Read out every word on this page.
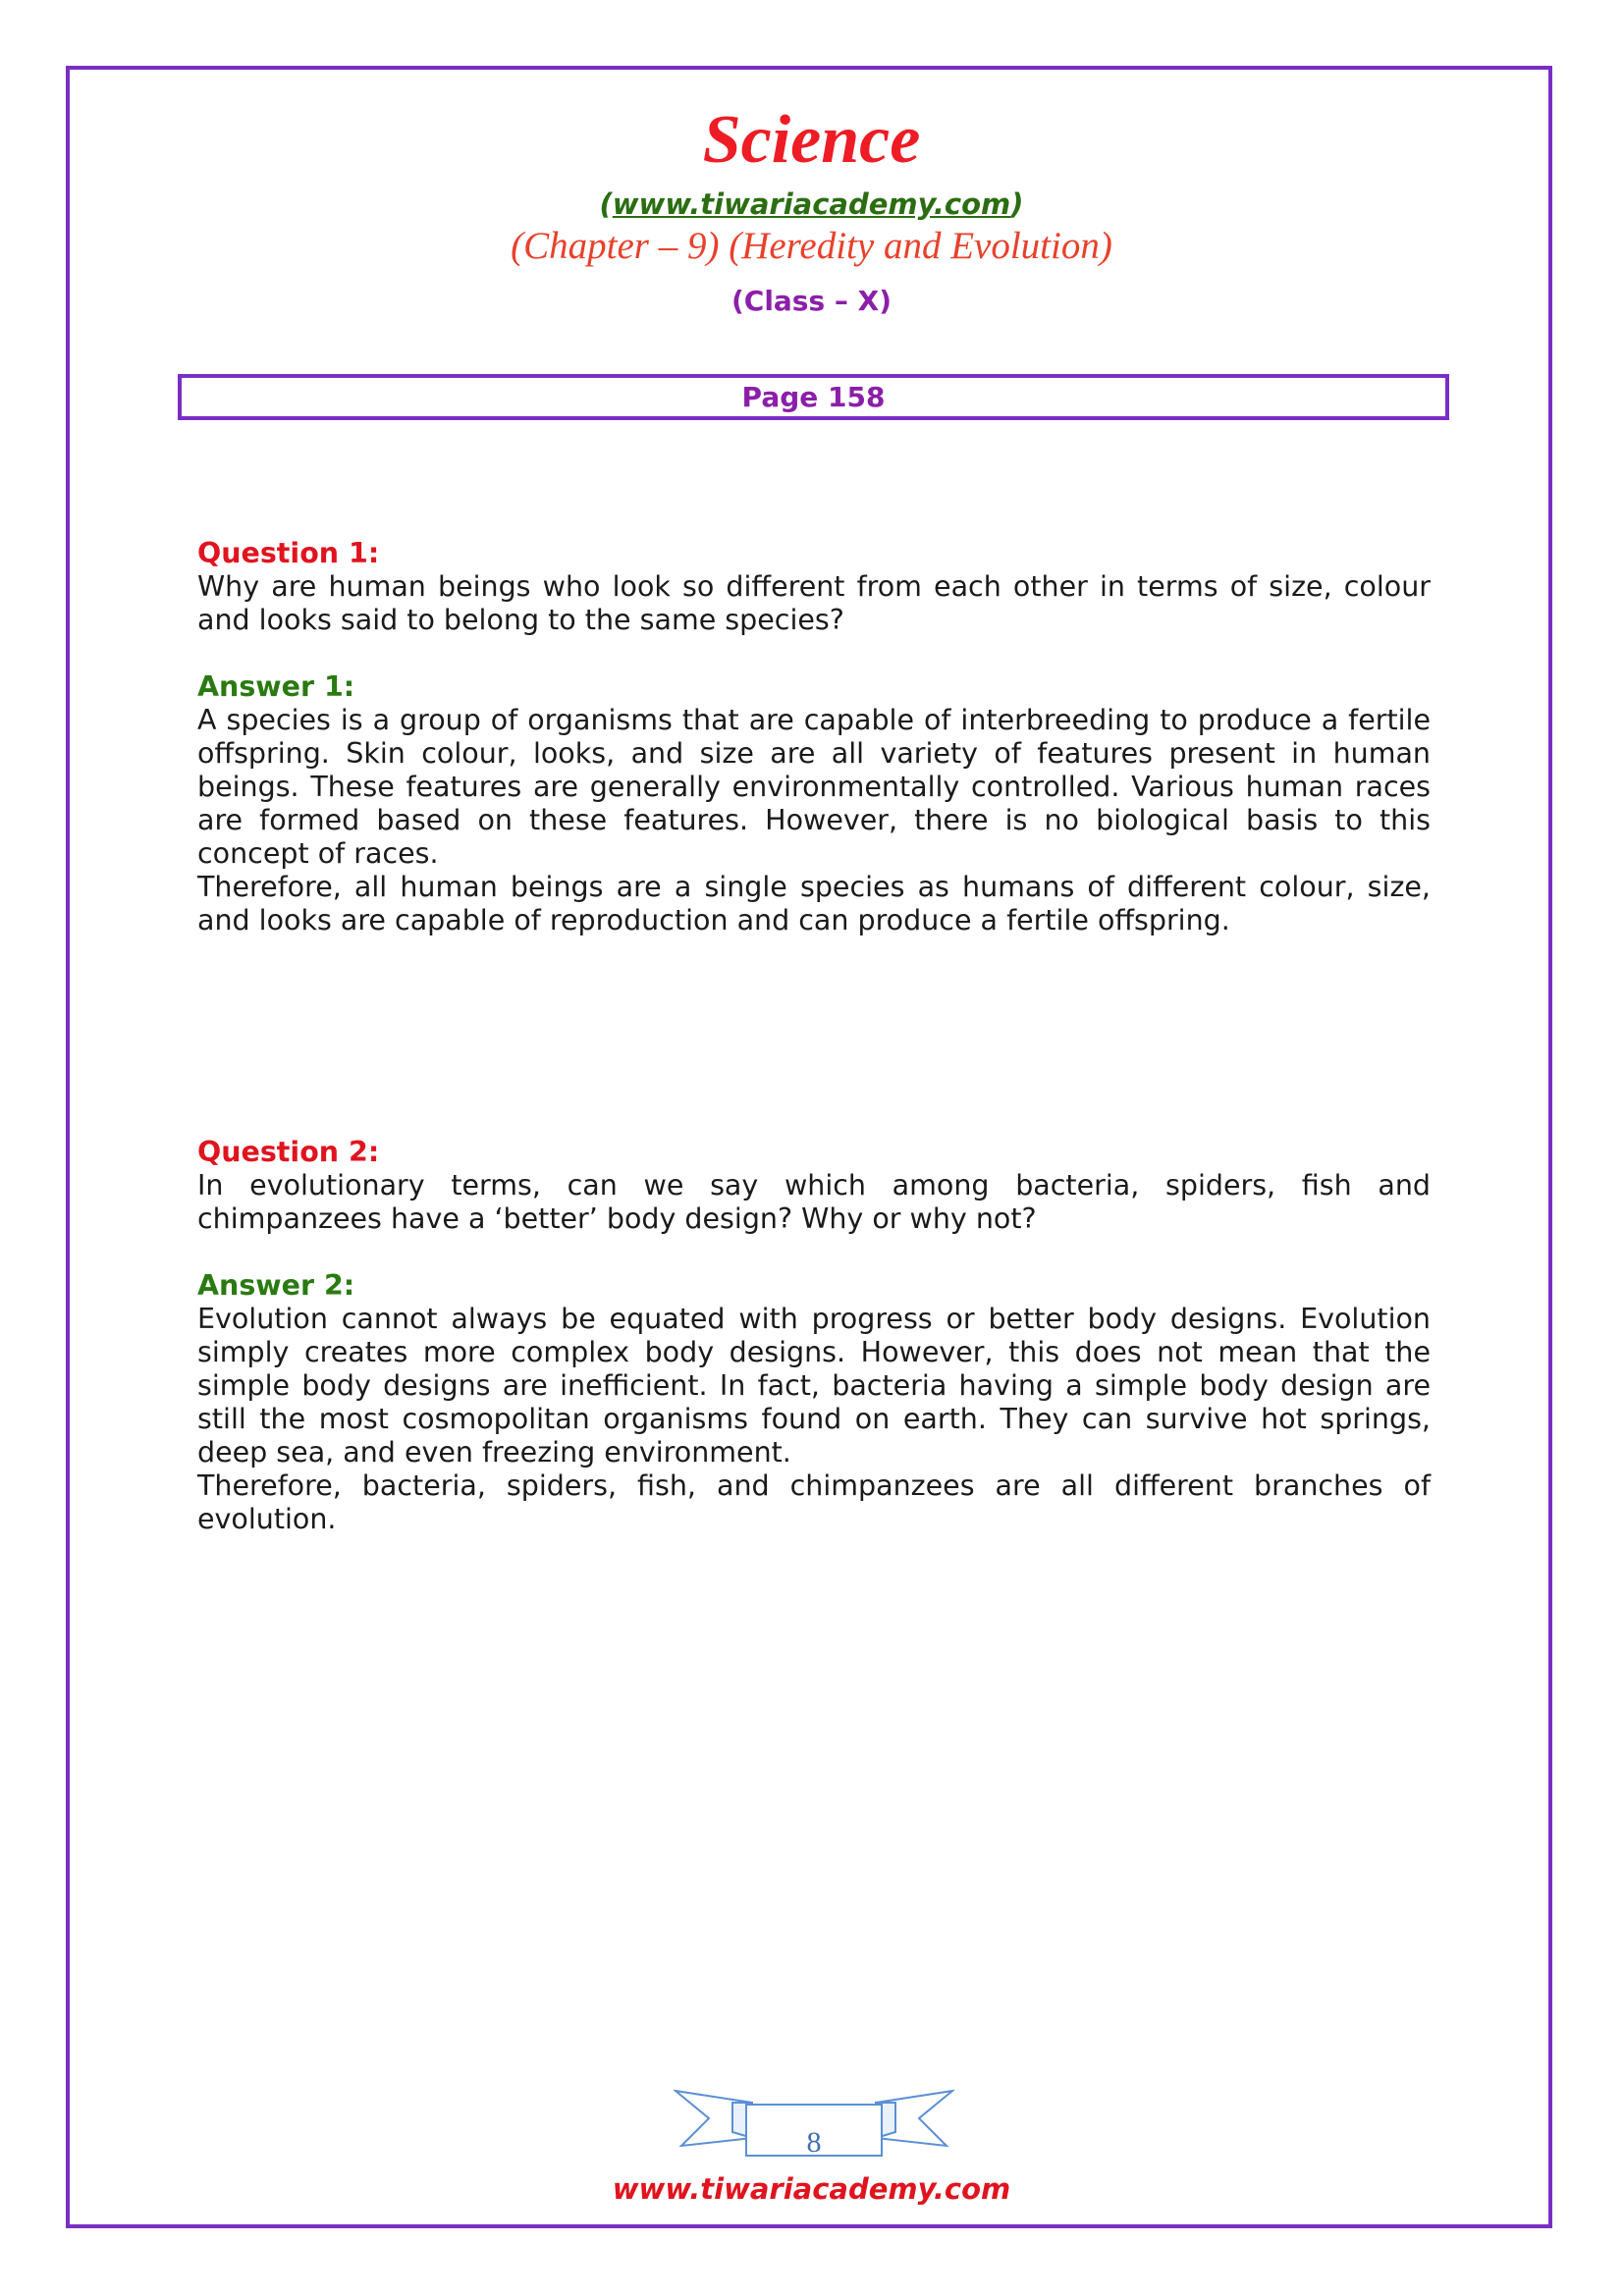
Science
(www.tiwariacademy.com)
(Chapter – 9) (Heredity and Evolution)
(Class – X)
Page 158
Question 1:
Why are human beings who look so different from each other in terms of size, colour and looks said to belong to the same species?
Answer 1:
A species is a group of organisms that are capable of interbreeding to produce a fertile offspring. Skin colour, looks, and size are all variety of features present in human beings. These features are generally environmentally controlled. Various human races are formed based on these features. However, there is no biological basis to this concept of races.
Therefore, all human beings are a single species as humans of different colour, size, and looks are capable of reproduction and can produce a fertile offspring.
Question 2:
In evolutionary terms, can we say which among bacteria, spiders, fish and chimpanzees have a ‘better’ body design? Why or why not?
Answer 2:
Evolution cannot always be equated with progress or better body designs. Evolution simply creates more complex body designs. However, this does not mean that the simple body designs are inefficient. In fact, bacteria having a simple body design are still the most cosmopolitan organisms found on earth. They can survive hot springs, deep sea, and even freezing environment.
Therefore, bacteria, spiders, fish, and chimpanzees are all different branches of evolution.
8
www.tiwariacademy.com
